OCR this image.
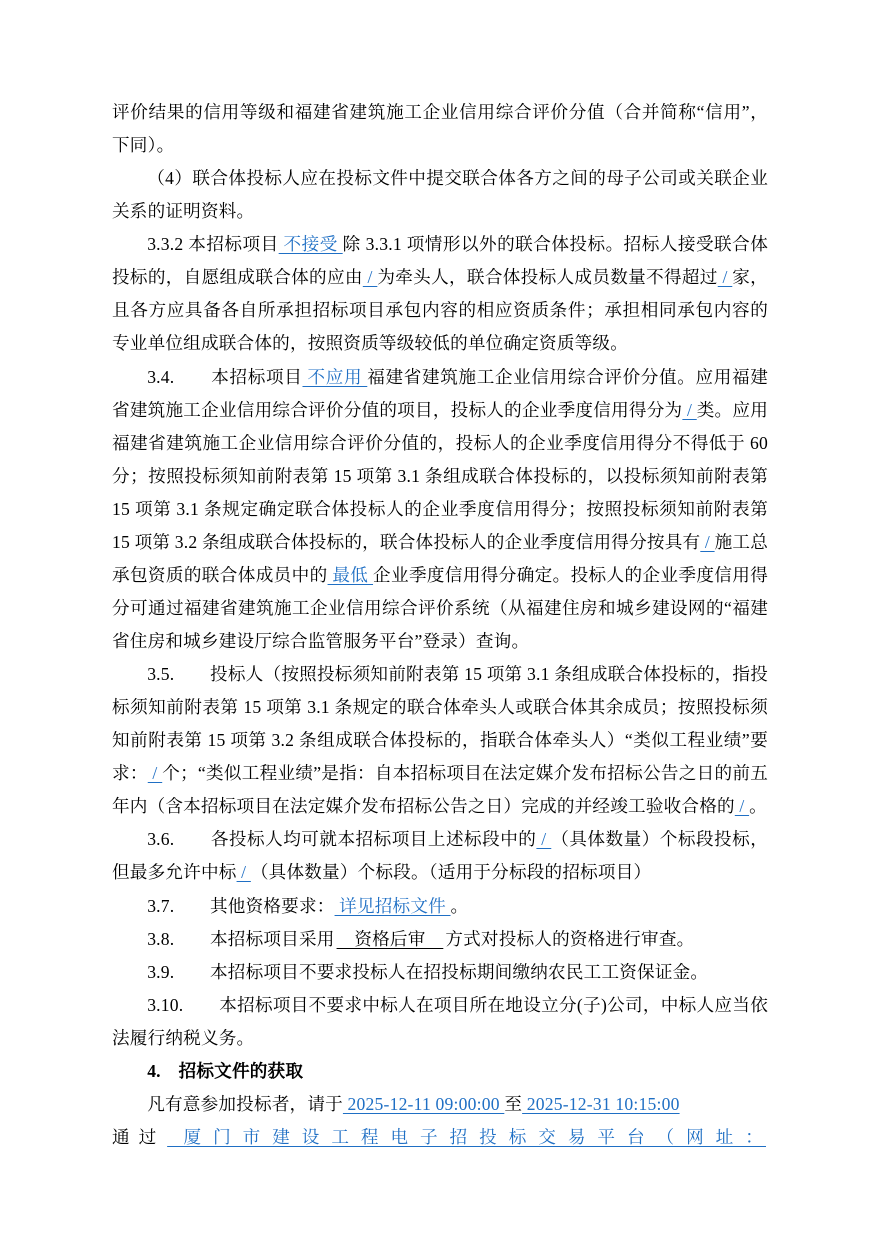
评价结果的信用等级和福建省建筑施工企业信用综合评价分值（合并简称“信用”，下同）。

（4）联合体投标人应在投标文件中提交联合体各方之间的母子公司或关联企业关系的证明资料。

3.3.2 本招标项目 不接受 除 3.3.1 项情形以外的联合体投标。招标人接受联合体投标的，自愿组成联合体的应由 / 为牵头人，联合体投标人成员数量不得超过 / 家，且各方应具备各自所承担招标项目承包内容的相应资质条件；承担相同承包内容的专业单位组成联合体的，按照资质等级较低的单位确定资质等级。

3.4.　　本招标项目 不应用 福建省建筑施工企业信用综合评价分值。应用福建省建筑施工企业信用综合评价分值的项目，投标人的企业季度信用得分为 / 类。应用福建省建筑施工企业信用综合评价分值的，投标人的企业季度信用得分不得低于 60 分；按照投标须知前附表第 15 项第 3.1 条组成联合体投标的，以投标须知前附表第 15 项第 3.1 条规定确定联合体投标人的企业季度信用得分；按照投标须知前附表第 15 项第 3.2 条组成联合体投标的，联合体投标人的企业季度信用得分按具有 / 施工总承包资质的联合体成员中的 最低 企业季度信用得分确定。投标人的企业季度信用得分可通过福建省建筑施工企业信用综合评价系统（从福建住房和城乡建设网的“福建省住房和城乡建设厅综合监管服务平台”登录）查询。

3.5.　　投标人（按照投标须知前附表第 15 项第 3.1 条组成联合体投标的，指投标须知前附表第 15 项第 3.1 条规定的联合体牵头人或联合体其余成员；按照投标须知前附表第 15 项第 3.2 条组成联合体投标的，指联合体牵头人）“类似工程业绩”要求： / 个；“类似工程业绩”是指：自本招标项目在法定媒介发布招标公告之日的前五年内（含本招标项目在法定媒介发布招标公告之日）完成的并经竣工验收合格的 / 。

3.6.　　各投标人均可就本招标项目上述标段中的 / （具体数量）个标段投标，但最多允许中标 / （具体数量）个标段。（适用于分标段的招标项目）

3.7.　　其他资格要求： 详见招标文件 。

3.8.　　本招标项目采用　资格后审　方式对投标人的资格进行审查。

3.9.　　本招标项目不要求投标人在招投标期间缴纳农民工工资保证金。

3.10.　　本招标项目不要求中标人在项目所在地设立分(子)公司，中标人应当依法履行纳税义务。

4.　招标文件的获取

凡有意参加投标者，请于 2025-12-11 09:00:00 至 2025-12-31 10:15:00

通过 厦门市建设工程电子招投标交易平台（网址：
